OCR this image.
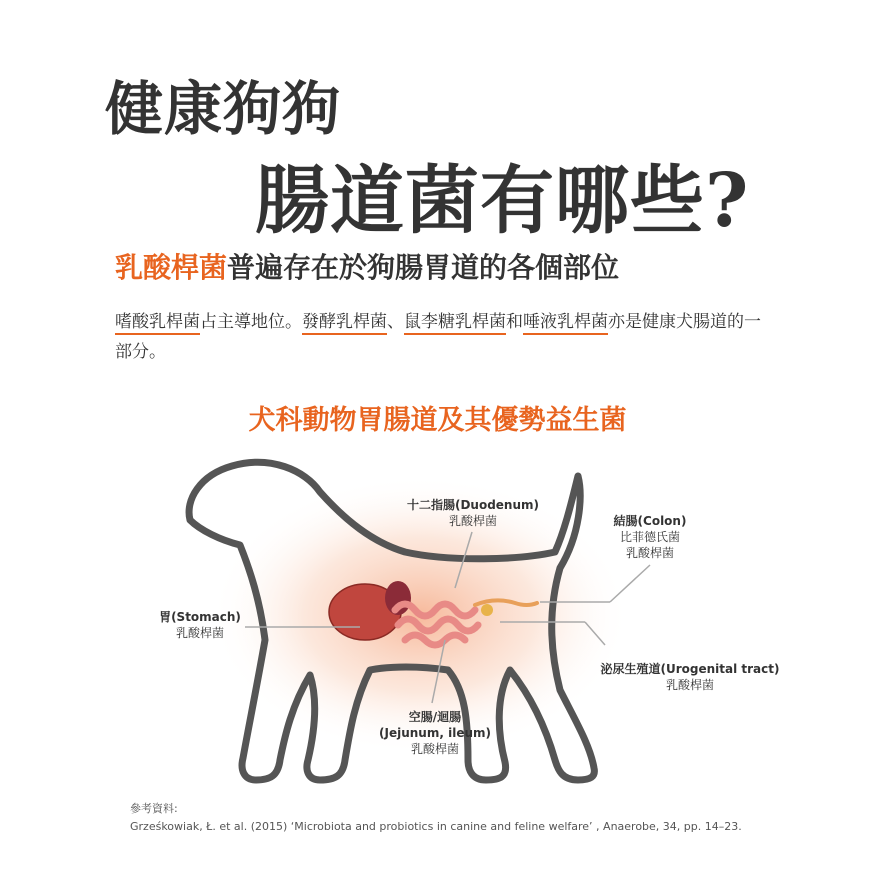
健康狗狗
腸道菌有哪些?
乳酸桿菌普遍存在於狗腸胃道的各個部位
嗜酸乳桿菌占主導地位。發酵乳桿菌、鼠李糖乳桿菌和唾液乳桿菌亦是健康犬腸道的一部分。
犬科動物胃腸道及其優勢益生菌
十二指腸(Duodenum)
乳酸桿菌	結腸(Colon)
比菲德氏菌
乳酸桿菌
胃(Stomach)
乳酸桿菌
泌尿生殖道(Urogenital tract)
乳酸桿菌
空腸/迴腸
(Jejunum, ileum)
乳酸桿菌
參考資料:
Grześkowiak, Ł. et al. (2015) ‘Microbiota and probiotics in canine and feline welfare’ , Anaerobe, 34, pp. 14–23.
